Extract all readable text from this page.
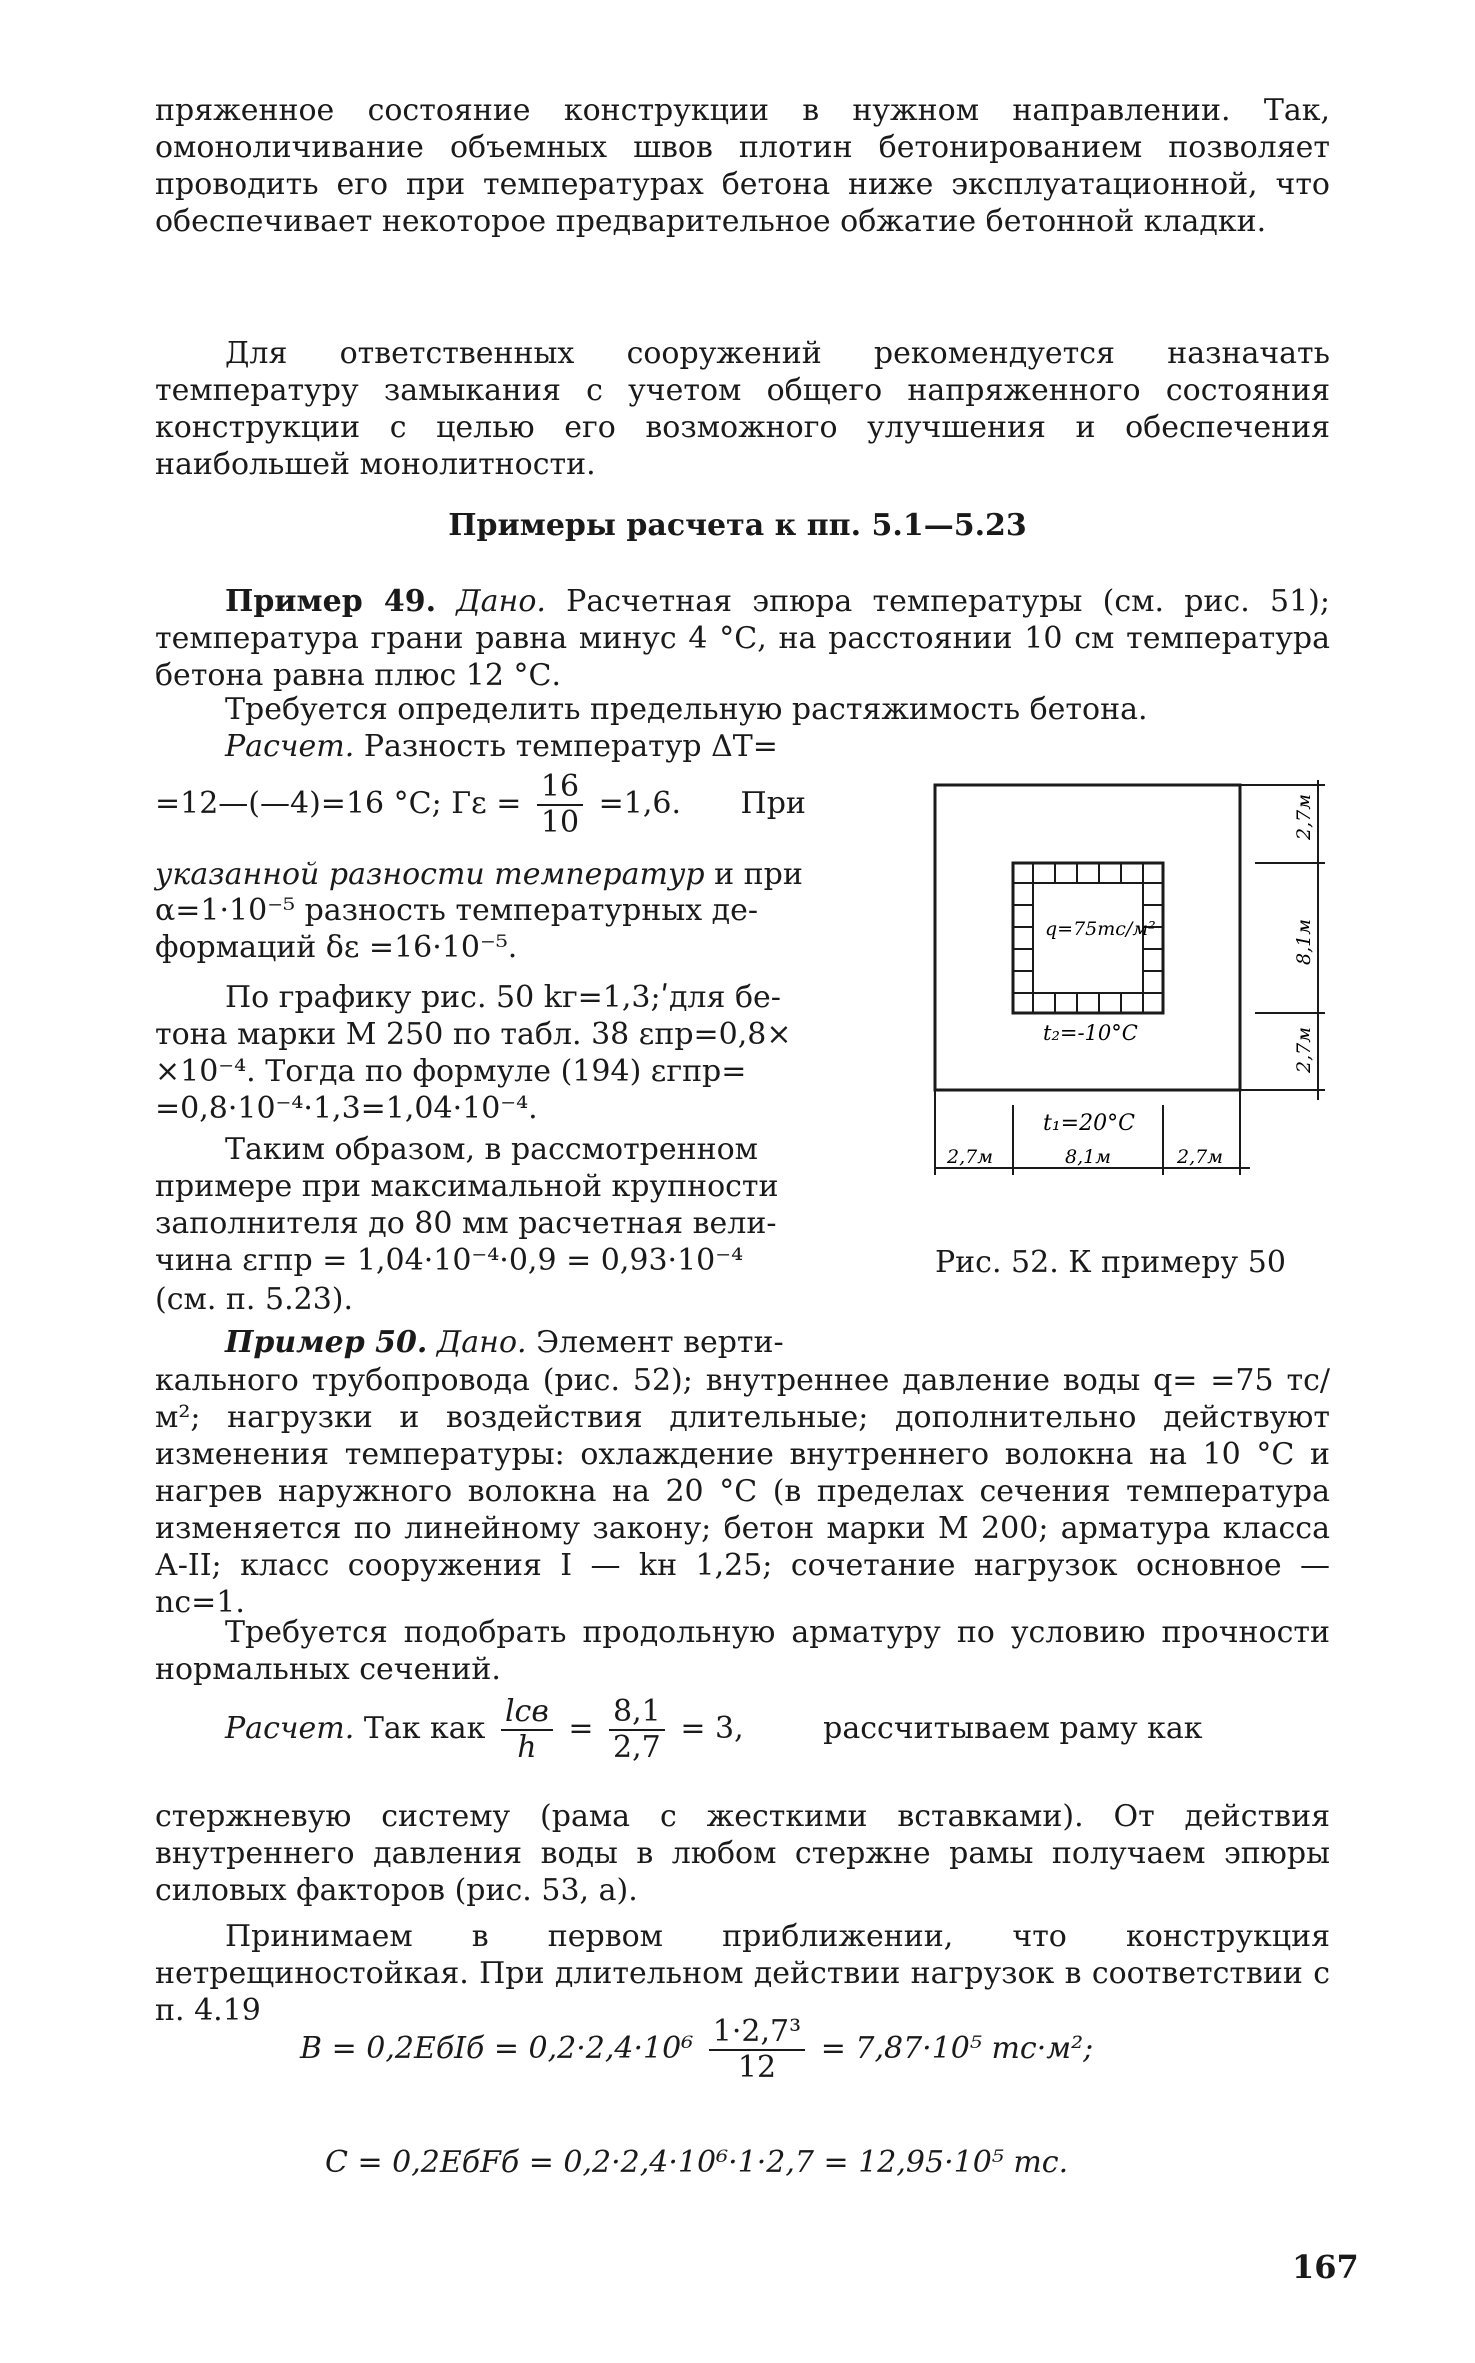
пряженное состояние конструкции в нужном направлении. Так, омоноличивание объемных швов плотин бетонированием позволяет проводить его при температурах бетона ниже эксплуатационной, что обеспечивает некоторое предварительное обжатие бетонной кладки.
Для ответственных сооружений рекомендуется назначать температуру замыкания с учетом общего напряженного состояния конструкции с целью его возможного улучшения и обеспечения наибольшей монолитности.
Примеры расчета к пп. 5.1—5.23
Пример 49. Дано. Расчетная эпюра температуры (см. рис. 51); температура грани равна минус 4 °С, на расстоянии 10 см температура бетона равна плюс 12 °С.
Требуется определить предельную растяжимость бетона.
Расчет. Разность температур ΔT=
=12—(—4)=16 °С; $Г\varepsilon = \frac{16}{10} =1,6$. При
указанной разности температур и при
α=1·10⁻⁵ разность температурных де-
формаций δε =16·10⁻⁵.
По графику рис. 50 kг=1,3;ʹдля бе-
тона марки М 250 по табл. 38 εпр=0,8×
×10⁻⁴. Тогда по формуле (194) εгпр=
=0,8·10⁻⁴·1,3=1,04·10⁻⁴.
Таким образом, в рассмотренном
примере при максимальной крупности
заполнителя до 80 мм расчетная вели-
чина εгпр = 1,04·10⁻⁴·0,9 = 0,93·10⁻⁴
(см. п. 5.23).
q=75тс/м²
t₂=-10°С
t₁=20°С
2,7м	8,1м	2,7м
2,7м
8,1м
2,7м
Рис. 52. К примеру 50
Пример 50. Дано. Элемент верти-
кального трубопровода (рис. 52); внутреннее давление воды q= =75 тс/м²; нагрузки и воздействия длительные; дополнительно действуют изменения температуры: охлаждение внутреннего волокна на 10 °С и нагрев наружного волокна на 20 °С (в пределах сечения температура изменяется по линейному закону; бетон марки М 200; арматура класса А-II; класс сооружения I — kн 1,25; сочетание нагрузок основное —nc=1.
Требуется подобрать продольную арматуру по условию прочности нормальных сечений.
Расчет. Так как $\frac{\text{lсв}}{h} = \frac{8,1}{2,7} = 3$,	рассчитываем раму как
стержневую систему (рама с жесткими вставками). От действия внутреннего давления воды в любом стержне рамы получаем эпюры силовых факторов (рис. 53, а).
Принимаем в первом приближении, что конструкция нетрещиностойкая. При длительном действии нагрузок в соответствии с п. 4.19
B = 0,2EбIб = $0,2\cdot 2,4\cdot 10^6 \frac{\text{1·2,7³}}{12} = 7,87\cdot 10^5$ тс·м²;
C = 0,2EбFб = 0,2·2,4·10⁶·1·2,7 = 12,95·10⁵ тс.
167
